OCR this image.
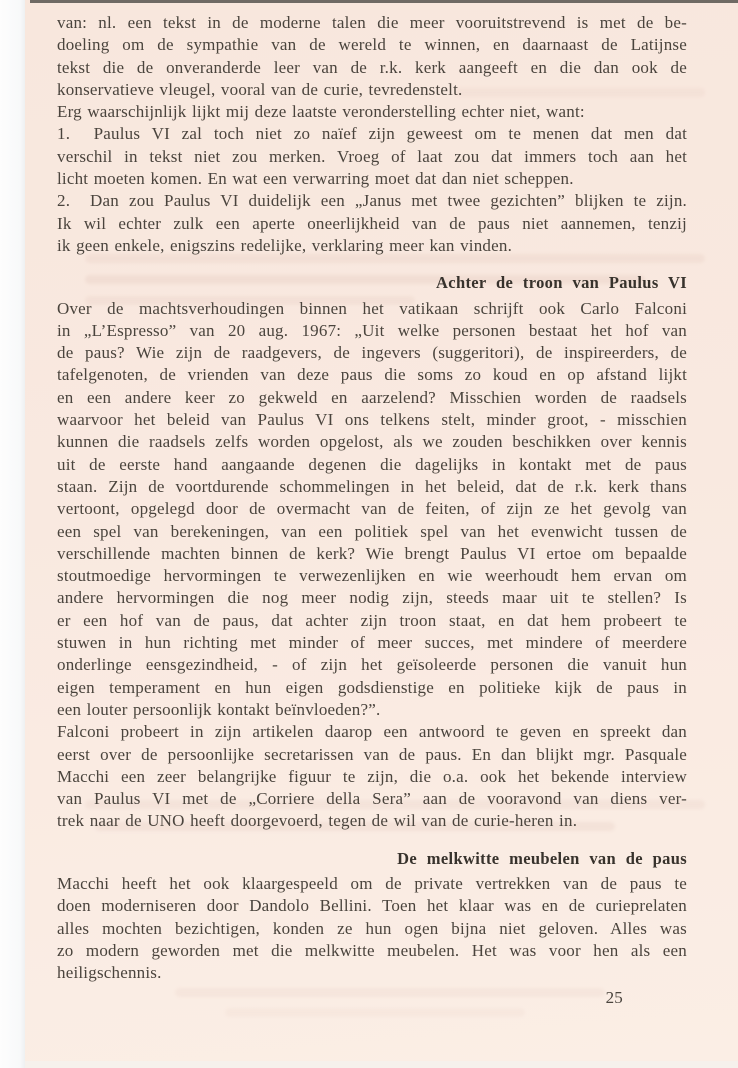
van: nl. een tekst in de moderne talen die meer vooruitstrevend is met de be-
doeling om de sympathie van de wereld te winnen, en daarnaast de Latijnse
tekst die de onveranderde leer van de r.k. kerk aangeeft en die dan ook de
konservatieve vleugel, vooral van de curie, tevredenstelt.
Erg waarschijnlijk lijkt mij deze laatste veronderstelling echter niet, want:
1.  Paulus VI zal toch niet zo naïef zijn geweest om te menen dat men dat
verschil in tekst niet zou merken. Vroeg of laat zou dat immers toch aan het
licht moeten komen. En wat een verwarring moet dat dan niet scheppen.
2.  Dan zou Paulus VI duidelijk een „Janus met twee gezichten” blijken te zijn.
Ik wil echter zulk een aperte oneerlijkheid van de paus niet aannemen, tenzij
ik geen enkele, enigszins redelijke, verklaring meer kan vinden.
Achter de troon van Paulus VI
Over de machtsverhoudingen binnen het vatikaan schrijft ook Carlo Falconi
in „L’Espresso” van 20 aug. 1967: „Uit welke personen bestaat het hof van
de paus? Wie zijn de raadgevers, de ingevers (suggeritori), de inspireerders, de
tafelgenoten, de vrienden van deze paus die soms zo koud en op afstand lijkt
en een andere keer zo gekweld en aarzelend? Misschien worden de raadsels
waarvoor het beleid van Paulus VI ons telkens stelt, minder groot, - misschien
kunnen die raadsels zelfs worden opgelost, als we zouden beschikken over kennis
uit de eerste hand aangaande degenen die dagelijks in kontakt met de paus
staan. Zijn de voortdurende schommelingen in het beleid, dat de r.k. kerk thans
vertoont, opgelegd door de overmacht van de feiten, of zijn ze het gevolg van
een spel van berekeningen, van een politiek spel van het evenwicht tussen de
verschillende machten binnen de kerk? Wie brengt Paulus VI ertoe om bepaalde
stoutmoedige hervormingen te verwezenlijken en wie weerhoudt hem ervan om
andere hervormingen die nog meer nodig zijn, steeds maar uit te stellen? Is
er een hof van de paus, dat achter zijn troon staat, en dat hem probeert te
stuwen in hun richting met minder of meer succes, met mindere of meerdere
onderlinge eensgezindheid, - of zijn het geïsoleerde personen die vanuit hun
eigen temperament en hun eigen godsdienstige en politieke kijk de paus in
een louter persoonlijk kontakt beïnvloeden?”.
Falconi probeert in zijn artikelen daarop een antwoord te geven en spreekt dan
eerst over de persoonlijke secretarissen van de paus. En dan blijkt mgr. Pasquale
Macchi een zeer belangrijke figuur te zijn, die o.a. ook het bekende interview
van Paulus VI met de „Corriere della Sera” aan de vooravond van diens ver-
trek naar de UNO heeft doorgevoerd, tegen de wil van de curie-heren in.
De melkwitte meubelen van de paus
Macchi heeft het ook klaargespeeld om de private vertrekken van de paus te
doen moderniseren door Dandolo Bellini. Toen het klaar was en de curieprelaten
alles mochten bezichtigen, konden ze hun ogen bijna niet geloven. Alles was
zo modern geworden met die melkwitte meubelen. Het was voor hen als een
heiligschennis.
25
